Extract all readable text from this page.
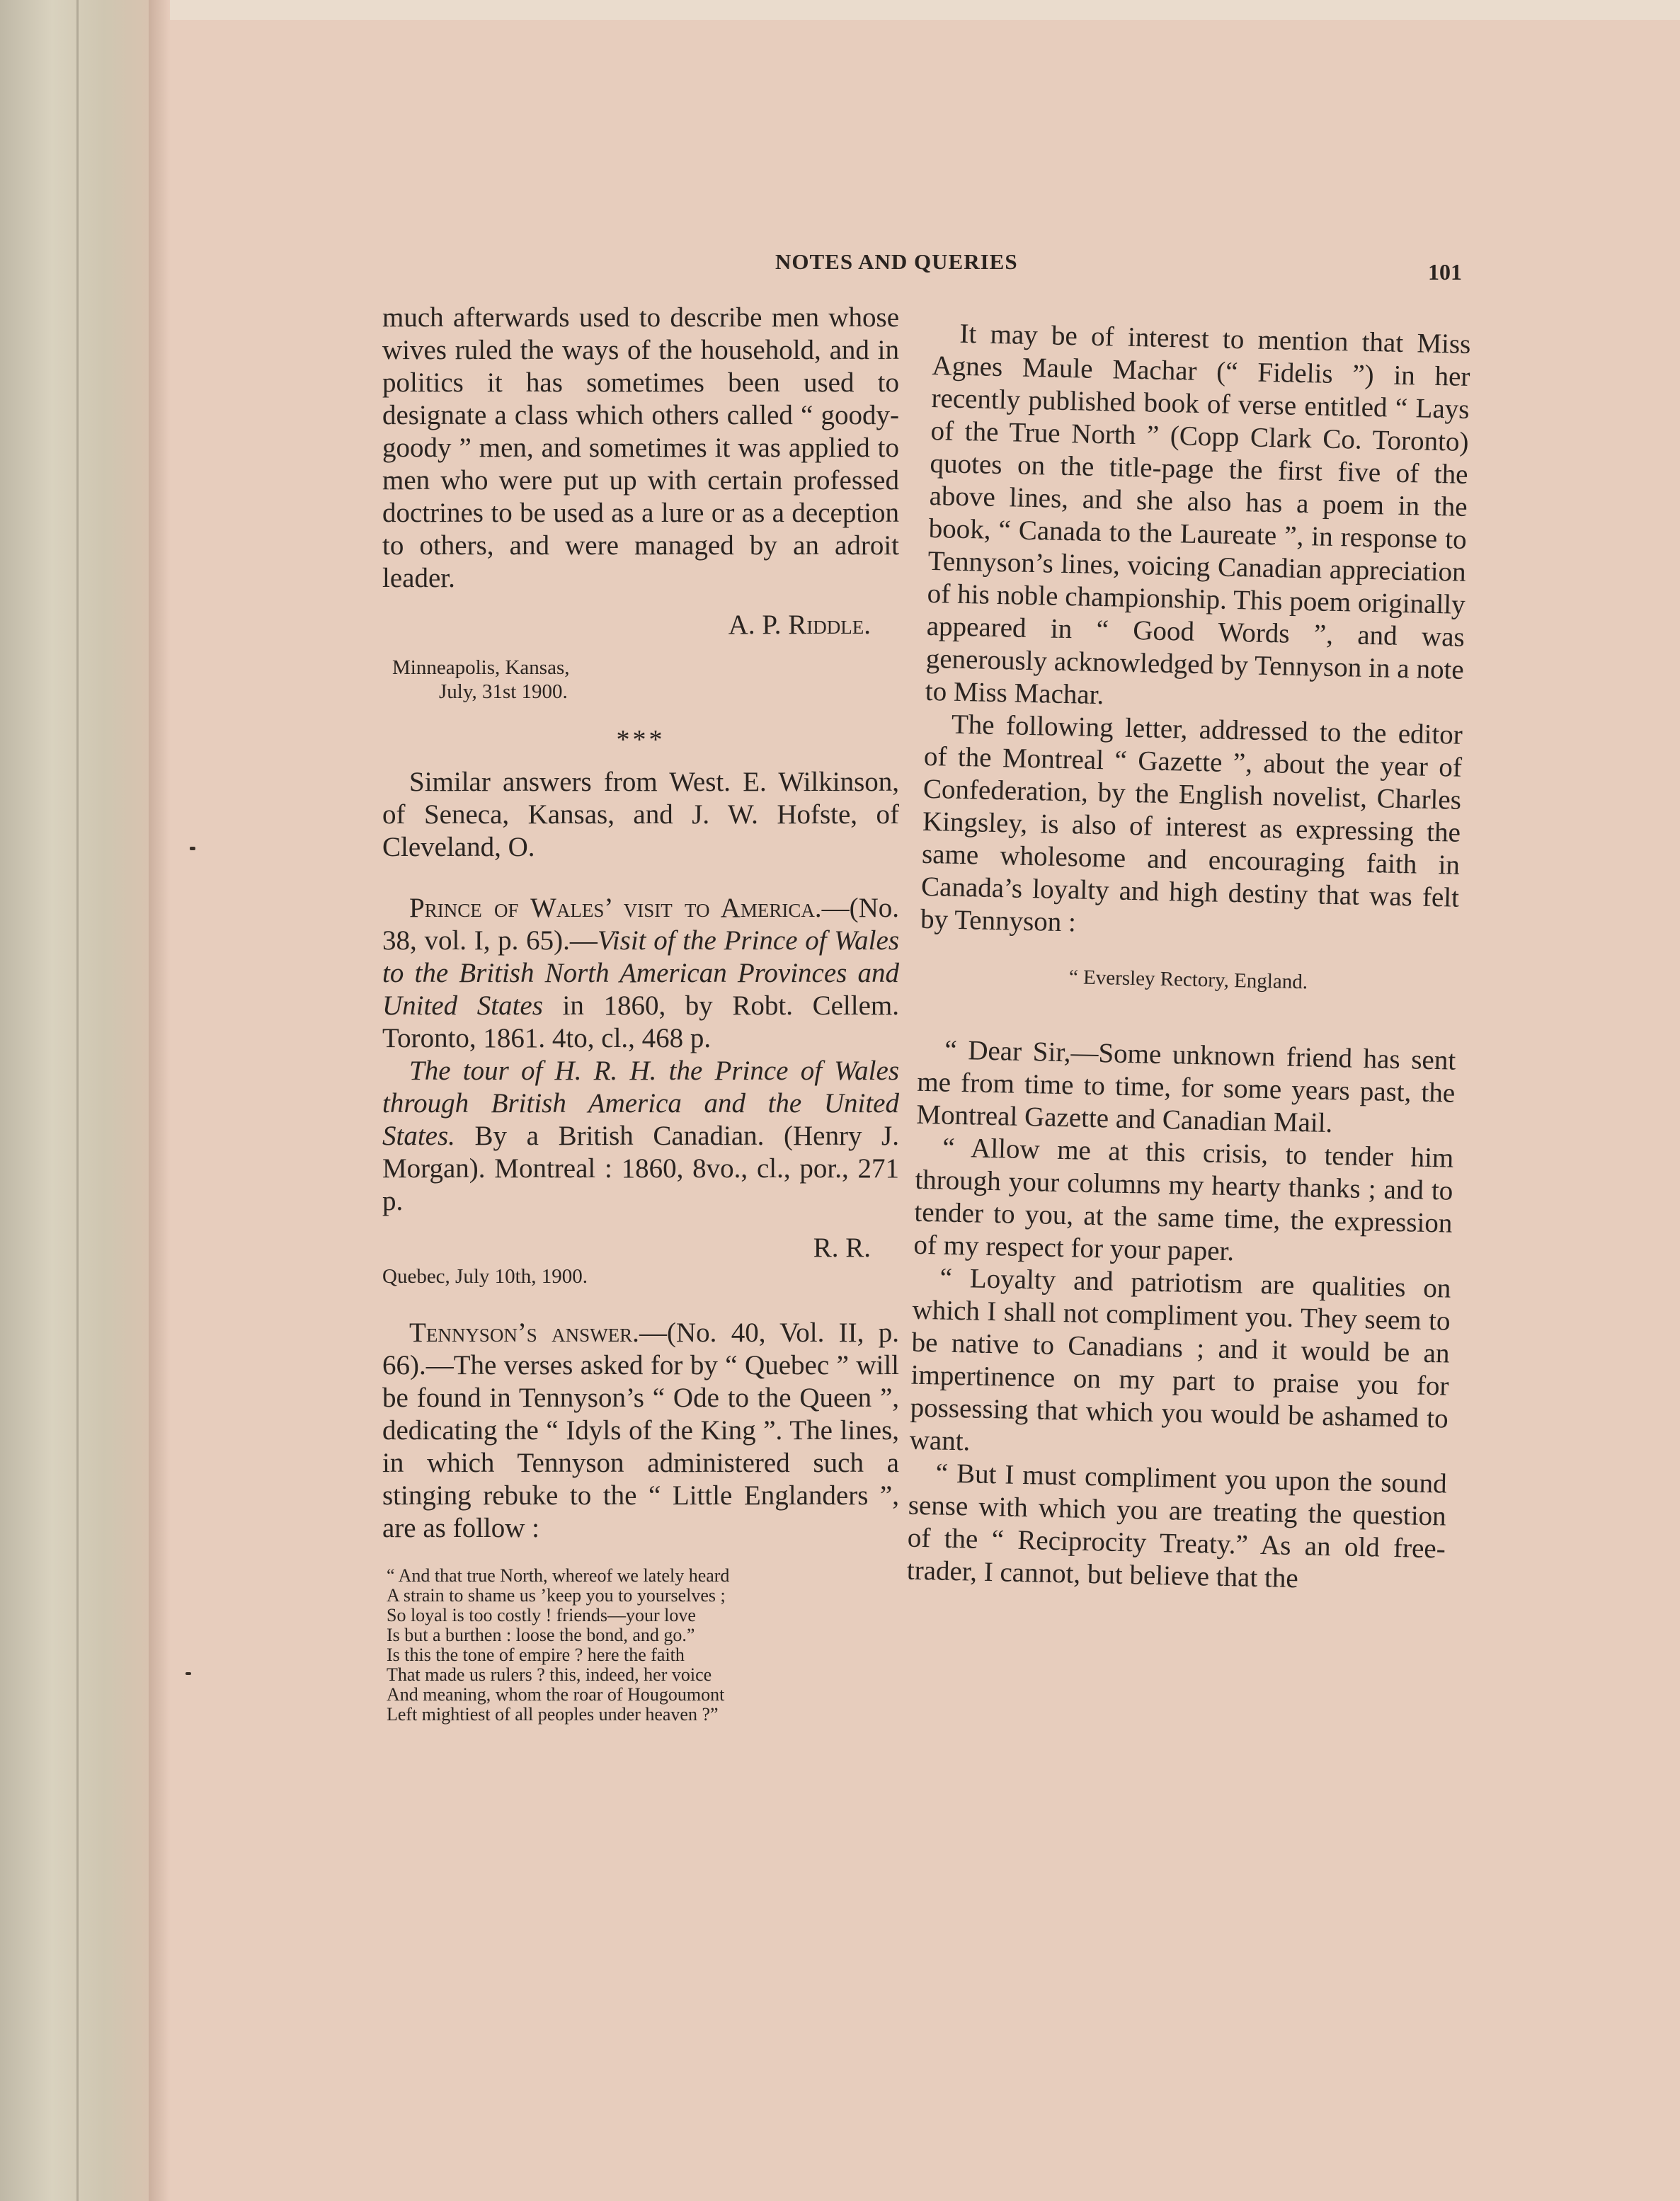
NOTES AND QUERIES	101

much afterwards used to describe men whose wives ruled the ways of the household, and in politics it has sometimes been used to designate a class which others called “ goody-goody ” men, and sometimes it was applied to men who were put up with certain professed doctrines to be used as a lure or as a deception to others, and were managed by an adroit leader.

A. P. Riddle.

Minneapolis, Kansas,
July, 31st 1900.
***

Similar answers from West. E. Wilkinson, of Seneca, Kansas, and J. W. Hofste, of Cleveland, O.

Prince of Wales’ visit to America.—(No. 38, vol. I, p. 65).—Visit of the Prince of Wales to the British North American Provinces and United States in 1860, by Robt. Cellem. Toronto, 1861. 4to, cl., 468 p.

The tour of H. R. H. the Prince of Wales through British America and the United States. By a British Canadian. (Henry J. Morgan). Montreal : 1860, 8vo., cl., por., 271 p.

R. R.

Quebec, July 10th, 1900.

Tennyson’s answer.—(No. 40, Vol. II, p. 66).—The verses asked for by “ Quebec ” will be found in Tennyson’s “ Ode to the Queen ”, dedicating the “ Idyls of the King ”. The lines, in which Tennyson administered such a stinging rebuke to the “ Little Englanders ”, are as follow :

“ And that true North, whereof we lately heard
A strain to shame us ’keep you to yourselves ;
So loyal is too costly ! friends—your love
Is but a burthen : loose the bond, and go.”
Is this the tone of empire ? here the faith
That made us rulers ? this, indeed, her voice
And meaning, whom the roar of Hougoumont
Left mightiest of all peoples under heaven ?”

It may be of interest to mention that Miss Agnes Maule Machar (“ Fidelis ”) in her recently published book of verse entitled “ Lays of the True North ” (Copp Clark Co. Toronto) quotes on the title-page the first five of the above lines, and she also has a poem in the book, “ Canada to the Laureate ”, in response to Tennyson’s lines, voicing Canadian appreciation of his noble championship. This poem originally appeared in “ Good Words ”, and was generously acknowledged by Tennyson in a note to Miss Machar.

The following letter, addressed to the editor of the Montreal “ Gazette ”, about the year of Confederation, by the English novelist, Charles Kingsley, is also of interest as expressing the same wholesome and encouraging faith in Canada’s loyalty and high destiny that was felt by Tennyson :

“ Eversley Rectory, England.

“ Dear Sir,—Some unknown friend has sent me from time to time, for some years past, the Montreal Gazette and Canadian Mail.

“ Allow me at this crisis, to tender him through your columns my hearty thanks ; and to tender to you, at the same time, the expression of my respect for your paper.

“ Loyalty and patriotism are qualities on which I shall not compliment you. They seem to be native to Canadians ; and it would be an impertinence on my part to praise you for possessing that which you would be ashamed to want.

“ But I must compliment you upon the sound sense with which you are treating the question of the “ Reciprocity Treaty.” As an old free-trader, I cannot, but believe that the
